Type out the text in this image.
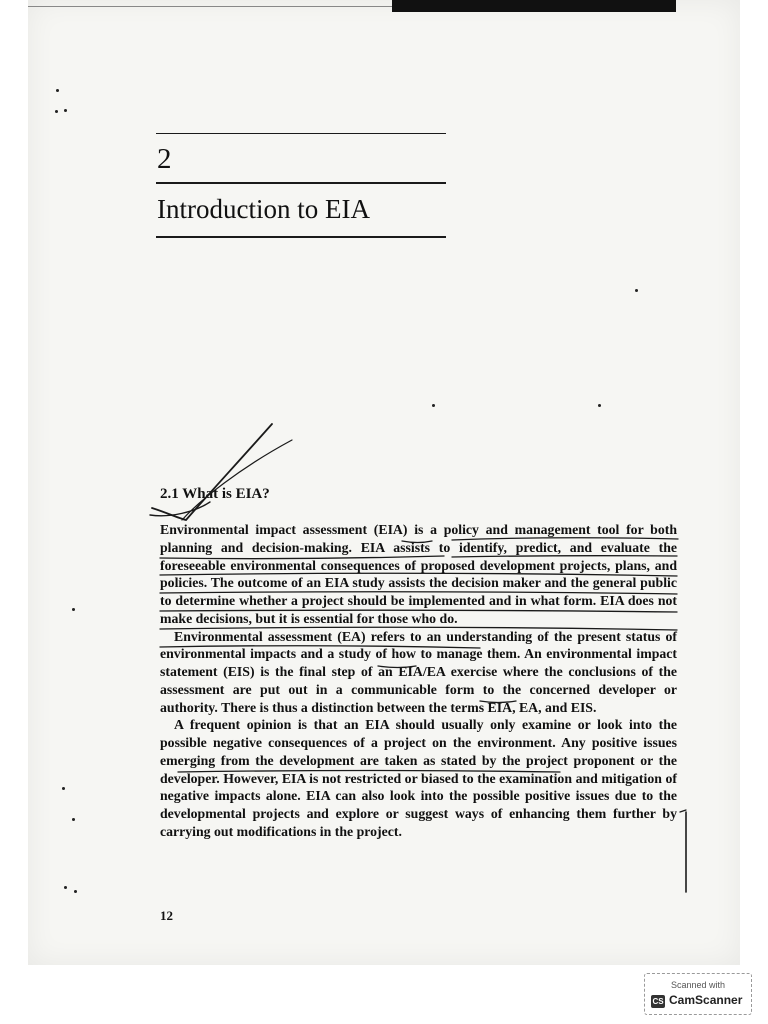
2
Introduction to EIA
2.1 What is EIA?

Environmental impact assessment (EIA) is a policy and management tool for both planning and decision-making. EIA assists to identify, predict, and evaluate the foreseeable environmental consequences of proposed development projects, plans, and policies. The outcome of an EIA study assists the decision maker and the general public to determine whether a project should be implemented and in what form. EIA does not make decisions, but it is essential for those who do.

Environmental assessment (EA) refers to an understanding of the present status of environmental impacts and a study of how to manage them. An environmental impact statement (EIS) is the final step of an EIA/EA exercise where the conclusions of the assessment are put out in a communicable form to the concerned developer or authority. There is thus a distinction between the terms EIA, EA, and EIS.

A frequent opinion is that an EIA should usually only examine or look into the possible negative consequences of a project on the environment. Any positive issues emerging from the development are taken as stated by the project proponent or the developer. However, EIA is not restricted or biased to the examination and mitigation of negative impacts alone. EIA can also look into the possible positive issues due to the developmental projects and explore or suggest ways of enhancing them further by carrying out modifications in the project.

12
Scanned with
CS CamScanner
